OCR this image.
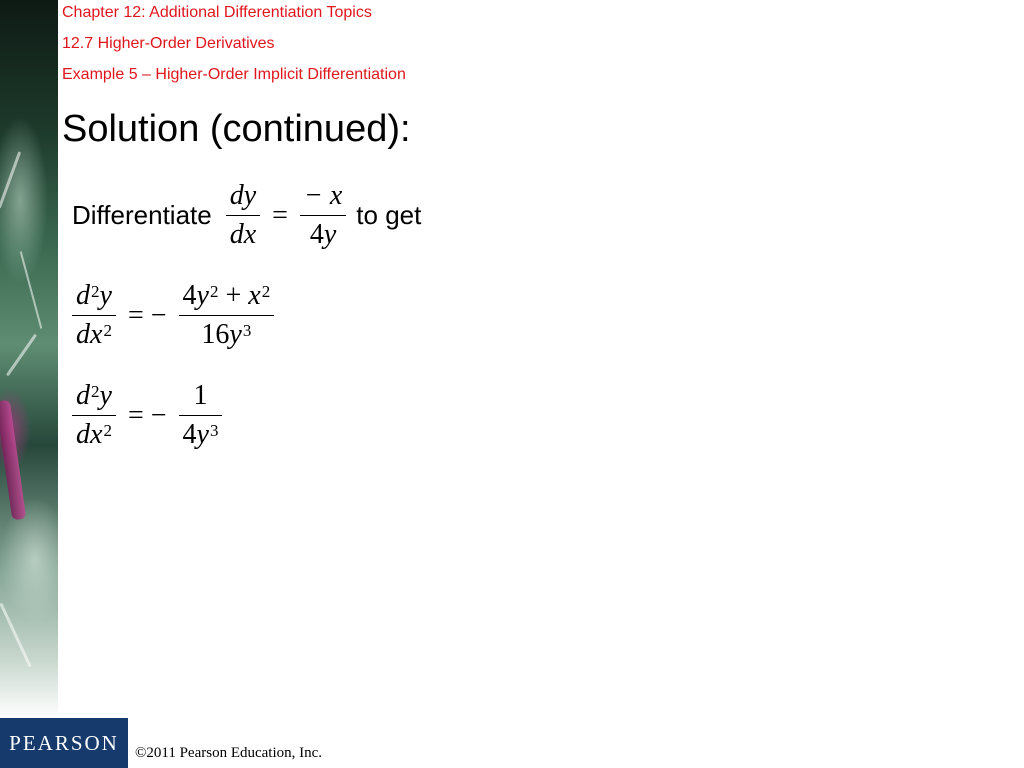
Chapter 12: Additional Differentiation Topics
12.7 Higher-Order Derivatives
Example 5 – Higher-Order Implicit Differentiation
Solution (continued):
Differentiate $\frac{dy}{dx} = \frac{- x}{4y}$ to get
$\frac{d^2y}{dx^2}$ = − $\frac{4y^2 + x^2}{16y^3}$
$\frac{d^2y}{dx^2}$ = − $\frac{1}{4y^3}$
PEARSON ©2011 Pearson Education, Inc.
